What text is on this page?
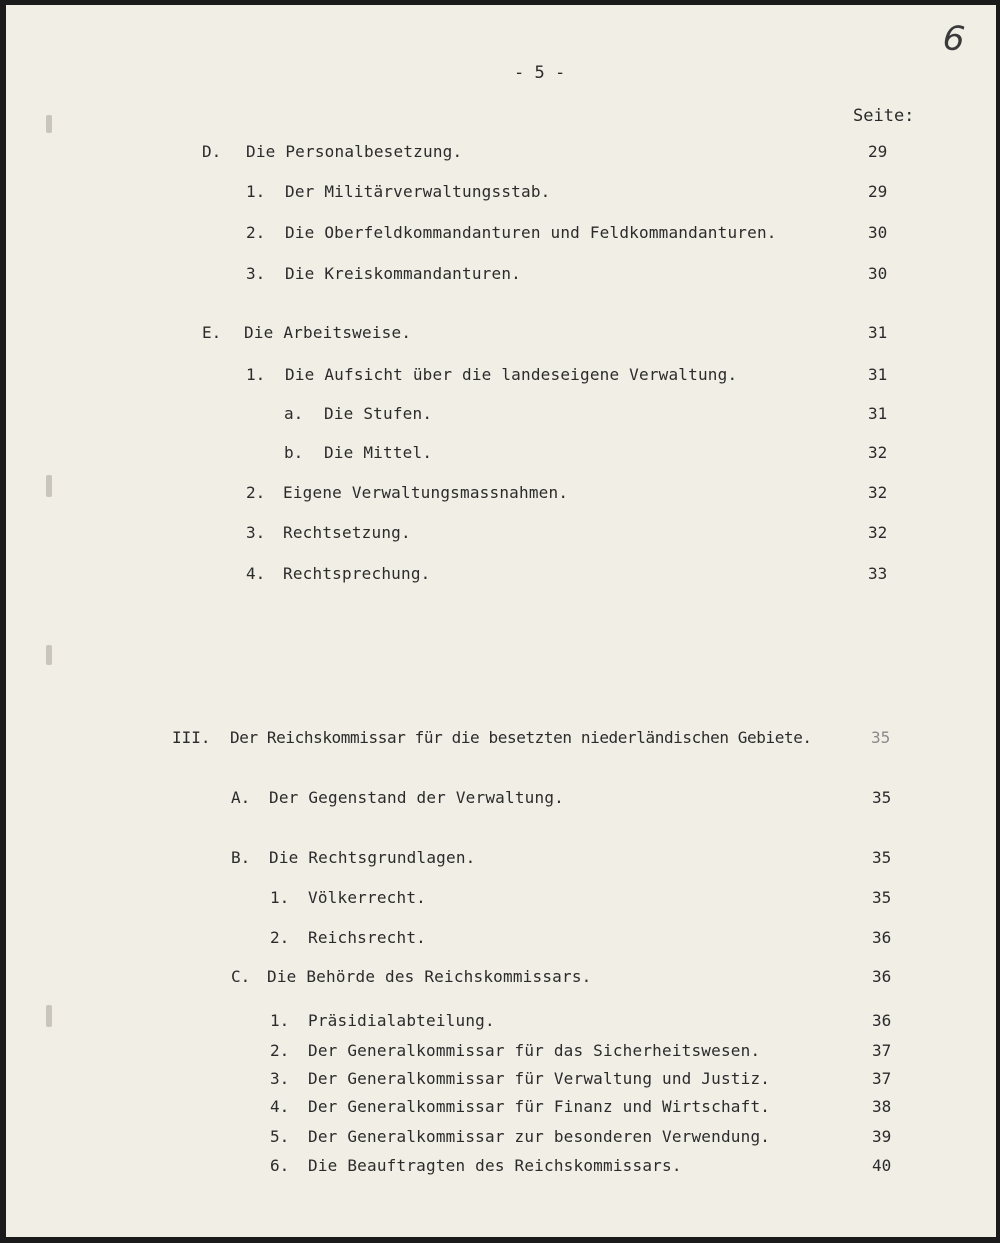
6
- 5 -
Seite:
D. Die Personalbesetzung.	29
1. Der Militärverwaltungsstab.	29
2. Die Oberfeldkommandanturen und Feldkommandanturen.	30
3. Die Kreiskommandanturen.	30
E. Die Arbeitsweise.	31
1. Die Aufsicht über die landeseigene Verwaltung.	31
a. Die Stufen.	31
b. Die Mittel.	32
2. Eigene Verwaltungsmassnahmen.	32
3. Rechtsetzung.	32
4. Rechtsprechung.	33
III. Der Reichskommissar für die besetzten niederländischen Gebiete.	35
A. Der Gegenstand der Verwaltung.	35
B. Die Rechtsgrundlagen.	35
1. Völkerrecht.	35
2. Reichsrecht.	36
C. Die Behörde des Reichskommissars.	36
1. Präsidialabteilung.	36
2. Der Generalkommissar für das Sicherheitswesen.	37
3. Der Generalkommissar für Verwaltung und Justiz.	37
4. Der Generalkommissar für Finanz und Wirtschaft.	38
5. Der Generalkommissar zur besonderen Verwendung.	39
6. Die Beauftragten des Reichskommissars.	40
